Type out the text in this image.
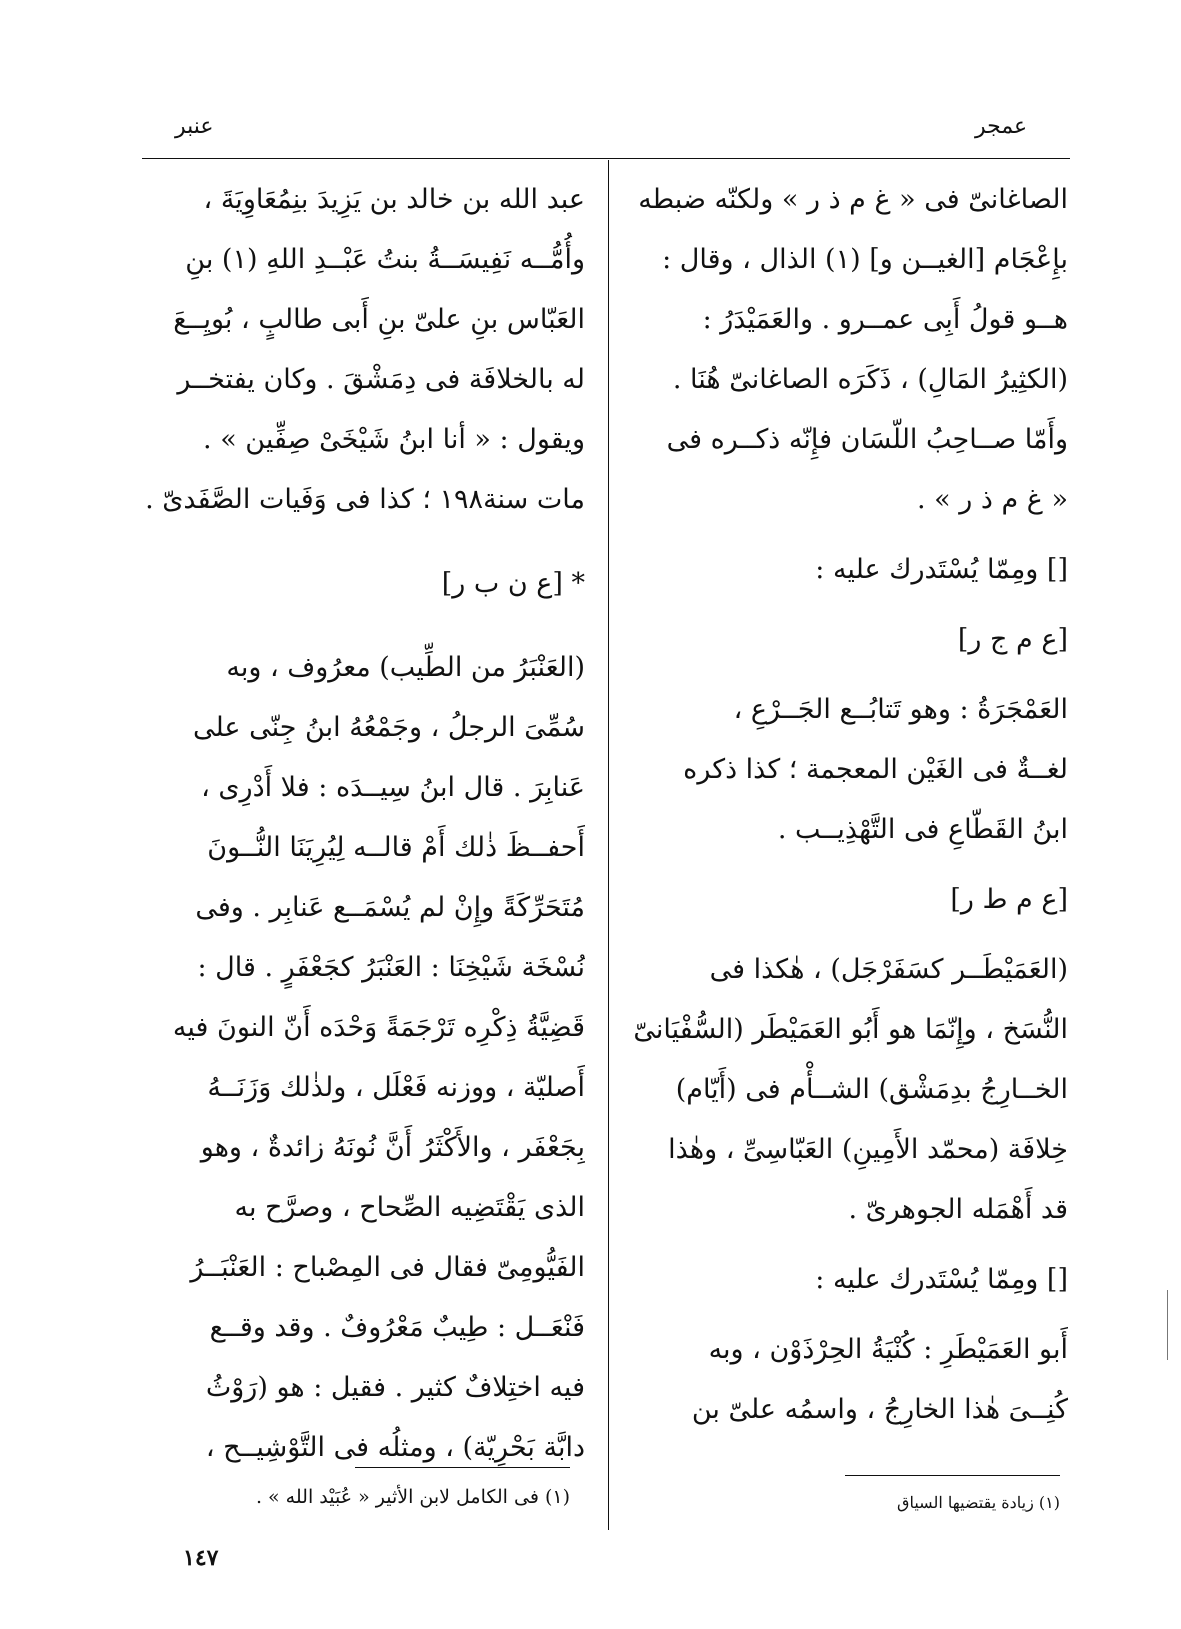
عنبر	عمجر
الصاغانىّ فى « غ م ذ ر » ولكنّه ضبطه
بإِعْجَام [الغيــن و] (١) الذال ، وقال :
هــو قولُ أَبِى عمــرو . والعَمَيْدَرُ :
(الكثِيرُ المَالِ) ، ذَكَرَه الصاغانىّ هُنَا .
وأَمّا صــاحِبُ اللّسَان فإِنّه ذكــره فى
« غ م ذ ر » .
[] ومِمّا يُسْتَدرك عليه :
[ع م ج ر]
العَمْجَرَةُ : وهو تَتابُــع الجَــرْعِ ،
لغــةٌ فى الغَيْن المعجمة ؛ كذا ذكره
ابنُ القَطّاعِ فى التَّهْذِيــب .
[ع م ط ر]
(العَمَيْطَــر كسَفَرْجَل) ، هٰكذا فى
النُّسَخ ، وإِنّمَا هو أَبُو العَمَيْطَر (السُّفْيَانىّ
الخــارِجُ بدِمَشْق) الشــأْم فى (أَيّام)
خِلافَة (محمّد الأَمِينِ) العَبّاسِىِّ ، وهٰذا
قد أَهْمَله الجوهرىّ .
[] ومِمّا يُسْتَدرك عليه :
أَبو العَمَيْطَرِ : كُنْيَةُ الحِرْذَوْن ، وبه
كُنِــىَ هٰذا الخارِجُ ، واسمُه علىّ بن
عبد الله بن خالد بن يَزِيدَ بنِمُعَاوِيَةَ ،
وأُمُّــه نَفِيسَــةُ بنتُ عَبْــدِ اللهِ (١) بنِ
العَبّاس بنِ علىّ بنِ أَبى طالبٍ ، بُويِــعَ
له بالخلافَة فى دِمَشْقَ . وكان يفتخــر
ويقول : « أنا ابنُ شَيْخَىْ صِفِّين » .
مات سنة١٩٨ ؛ كذا فى وَفَيات الصَّفَدىّ .
* [ع ن ب ر]
(العَنْبَرُ من الطِّيب) معرُوف ، وبه
سُمِّىَ الرجلُ ، وجَمْعُهُ ابنُ جِنّى على
عَنابِرَ . قال ابنُ سِيــدَه : فلا أَدْرِى ،
أَحفــظَ ذٰلك أَمْ قالــه لِيُرِيَنَا النُّــونَ
مُتَحَرِّكَةً وإِنْ لم يُسْمَــع عَنابِر . وفى
نُسْخَة شَيْخِنَا : العَنْبَرُ كجَعْفَرٍ . قال :
قَضِيَّةُ ذِكْرِه تَرْجَمَةً وَحْدَه أَنّ النونَ فيه
أَصليّة ، ووزنه فَعْلَل ، ولذٰلك وَزَنَــهُ
بِجَعْفَر ، والأَكْثَرُ أَنَّ نُونَهُ زائدةٌ ، وهو
الذى يَقْتَضِيه الصِّحاح ، وصرَّح به
الفَيُّومِىّ فقال فى المِصْباح : العَنْبَــرُ
فَنْعَــل : طِيبٌ مَعْرُوفٌ . وقد وقــع
فيه اختِلافٌ كثير . فقيل : هو (رَوْثُ
دابَّة بَحْرِيّة) ، ومثلُه فى التَّوْشِيــح ،
(١) فى الكامل لابن الأثير « عُبَيْد الله » .	(١) زيادة يقتضيها السياق
١٤٧
